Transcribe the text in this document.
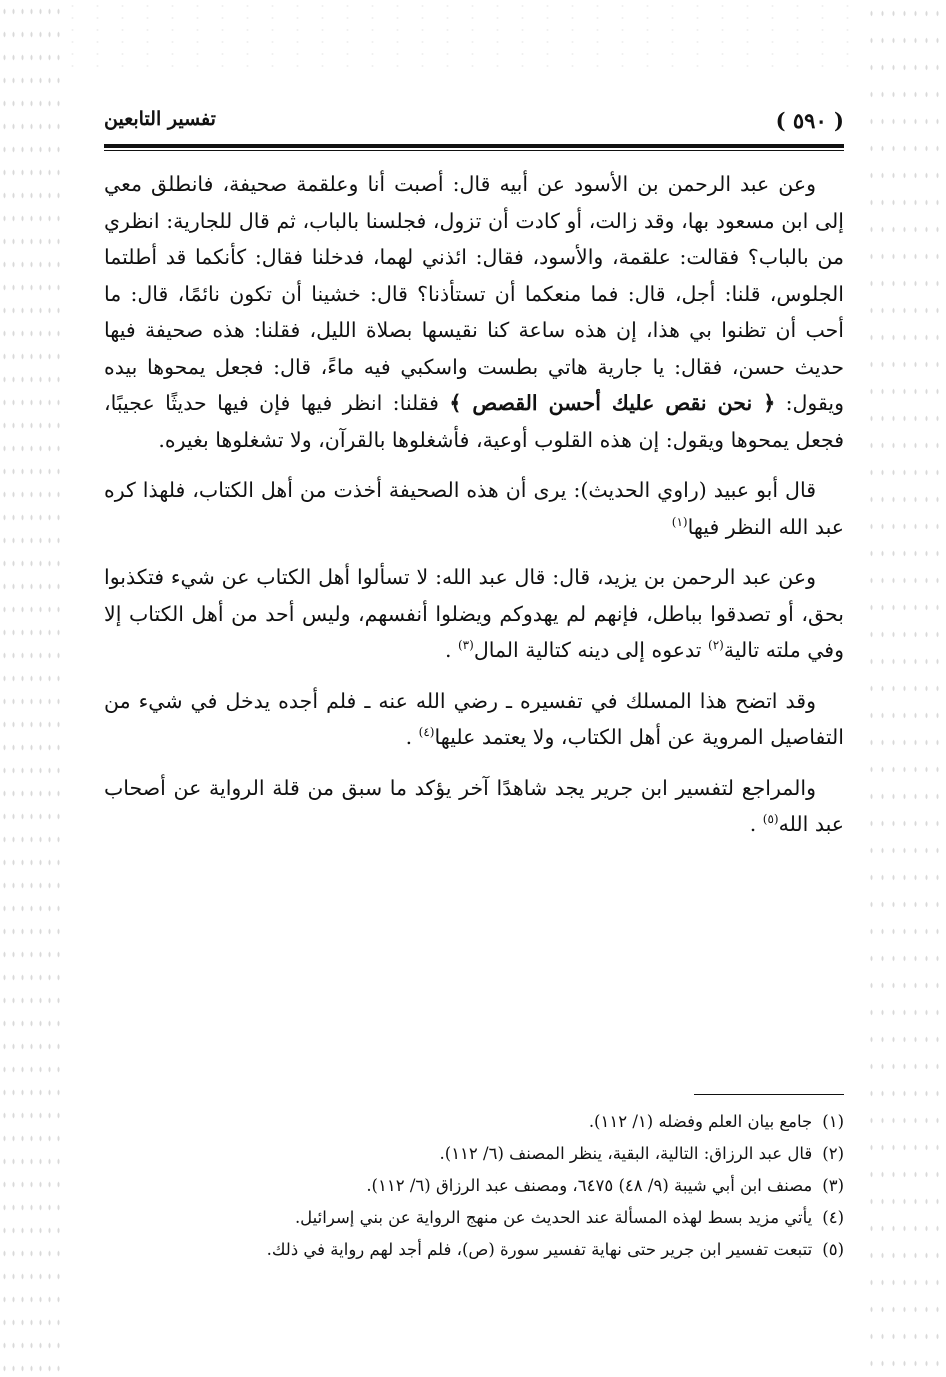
( ٥٩٠ )
تفسير التابعين

وعن عبد الرحمن بن الأسود عن أبيه قال: أصبت أنا وعلقمة صحيفة، فانطلق معي إلى ابن مسعود بها، وقد زالت، أو كادت أن تزول، فجلسنا بالباب، ثم قال للجارية: انظري من بالباب؟ فقالت: علقمة، والأسود، فقال: ائذني لهما، فدخلنا فقال: كأنكما قد أطلتما الجلوس، قلنا: أجل، قال: فما منعكما أن تستأذنا؟ قال: خشينا أن تكون نائمًا، قال: ما أحب أن تظنوا بي هذا، إن هذه ساعة كنا نقيسها بصلاة الليل، فقلنا: هذه صحيفة فيها حديث حسن، فقال: يا جارية هاتي بطست واسكبي فيه ماءً، قال: فجعل يمحوها بيده ويقول: ﴿ نحن نقص عليك أحسن القصص ﴾ فقلنا: انظر فيها فإن فيها حديثًا عجيبًا، فجعل يمحوها ويقول: إن هذه القلوب أوعية، فأشغلوها بالقرآن، ولا تشغلوها بغيره.

قال أبو عبيد (راوي الحديث): يرى أن هذه الصحيفة أخذت من أهل الكتاب، فلهذا كره عبد الله النظر فيها$^{(١)}$

وعن عبد الرحمن بن يزيد، قال: قال عبد الله: لا تسألوا أهل الكتاب عن شيء فتكذبوا بحق، أو تصدقوا بباطل، فإنهم لم يهدوكم ويضلوا أنفسهم، وليس أحد من أهل الكتاب إلا وفي ملته تالية$^{(٢)}$ تدعوه إلى دينه كتالية المال$^{(٣)}$ .

وقد اتضح هذا المسلك في تفسيره ـ رضي الله عنه ـ فلم أجده يدخل في شيء من التفاصيل المروية عن أهل الكتاب، ولا يعتمد عليها$^{(٤)}$ .

والمراجع لتفسير ابن جرير يجد شاهدًا آخر يؤكد ما سبق من قلة الرواية عن أصحاب عبد الله$^{(٥)}$ .

(١)جامع بيان العلم وفضله (١/ ١١٢).
(٢)قال عبد الرزاق: التالية، البقية، ينظر المصنف (٦/ ١١٢).
(٣)مصنف ابن أبي شيبة (٩/ ٤٨) ٦٤٧٥، ومصنف عبد الرزاق (٦/ ١١٢).
(٤)يأتي مزيد بسط لهذه المسألة عند الحديث عن منهج الرواية عن بني إسرائيل.
(٥)تتبعت تفسير ابن جرير حتى نهاية تفسير سورة (ص)، فلم أجد لهم رواية في ذلك.
